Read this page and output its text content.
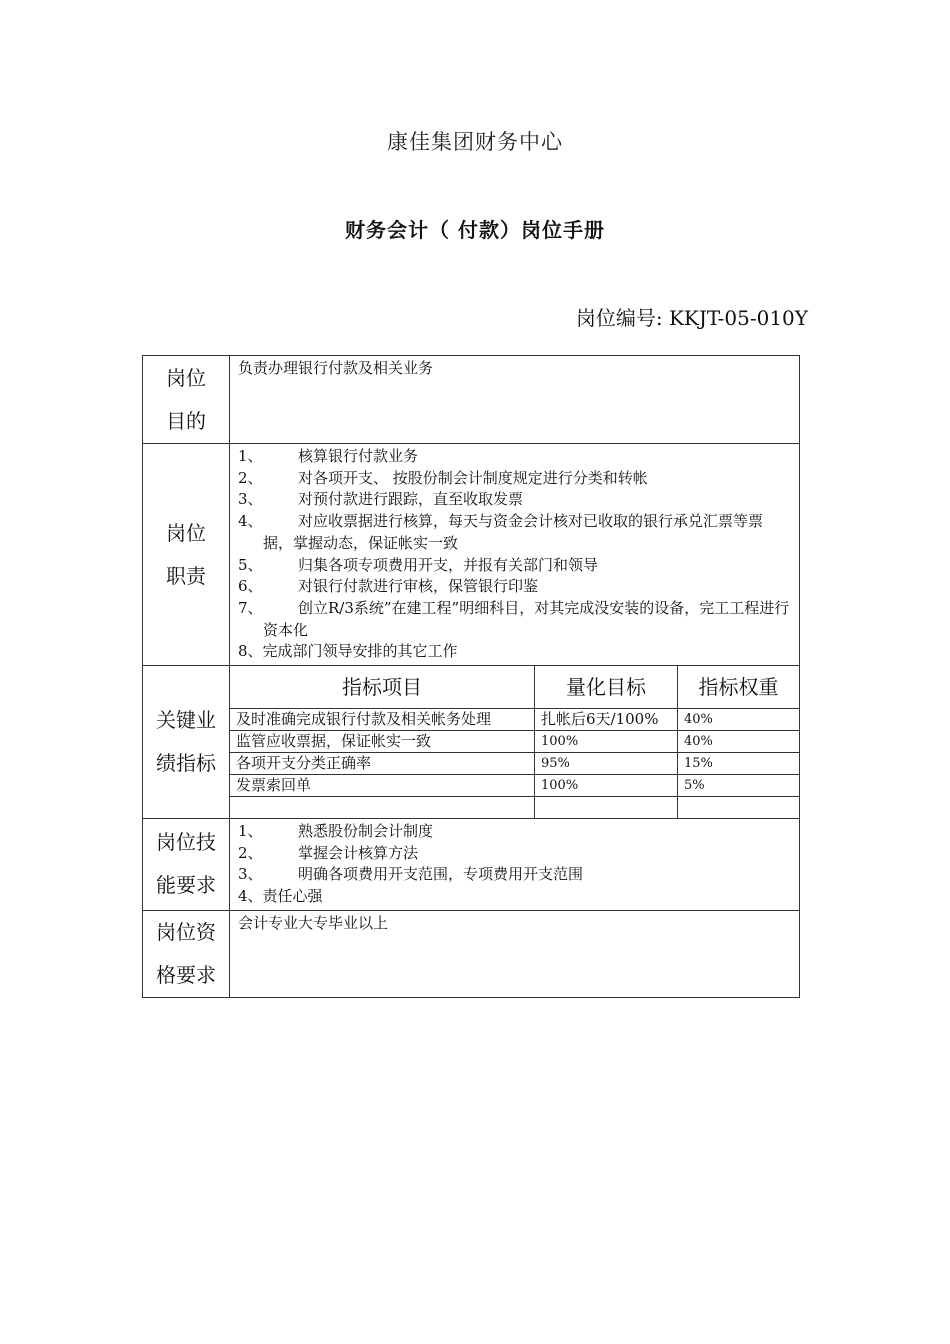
康佳集团财务中心
财务会计（ 付款）岗位手册
岗位编号: KKJT-05-010Y
岗位
目的

负责办理银行付款及相关业务

岗位
职责

1、 核算银行付款业务
2、 对各项开支、 按股份制会计制度规定进行分类和转帐
3、 对预付款进行跟踪，直至收取发票
4、 对应收票据进行核算，每天与资金会计核对已收取的银行承兑汇票等票据，掌握动态，保证帐实一致
5、 归集各项专项费用开支，并报有关部门和领导
6、 对银行付款进行审核，保管银行印鉴
7、 创立R/3系统”在建工程”明细科目，对其完成没安装的设备，完工工程进行资本化
8、完成部门领导安排的其它工作

关键业
绩指标

指标项目	量化目标	指标权重
及时准确完成银行付款及相关帐务处理	扎帐后6天/100%	40%
监管应收票据，保证帐实一致	100%	40%
各项开支分类正确率	95%	15%
发票索回单	100%	5%

岗位技
能要求

1、 熟悉股份制会计制度
2、 掌握会计核算方法
3、 明确各项费用开支范围，专项费用开支范围
4、责任心强

岗位资
格要求

会计专业大专毕业以上
